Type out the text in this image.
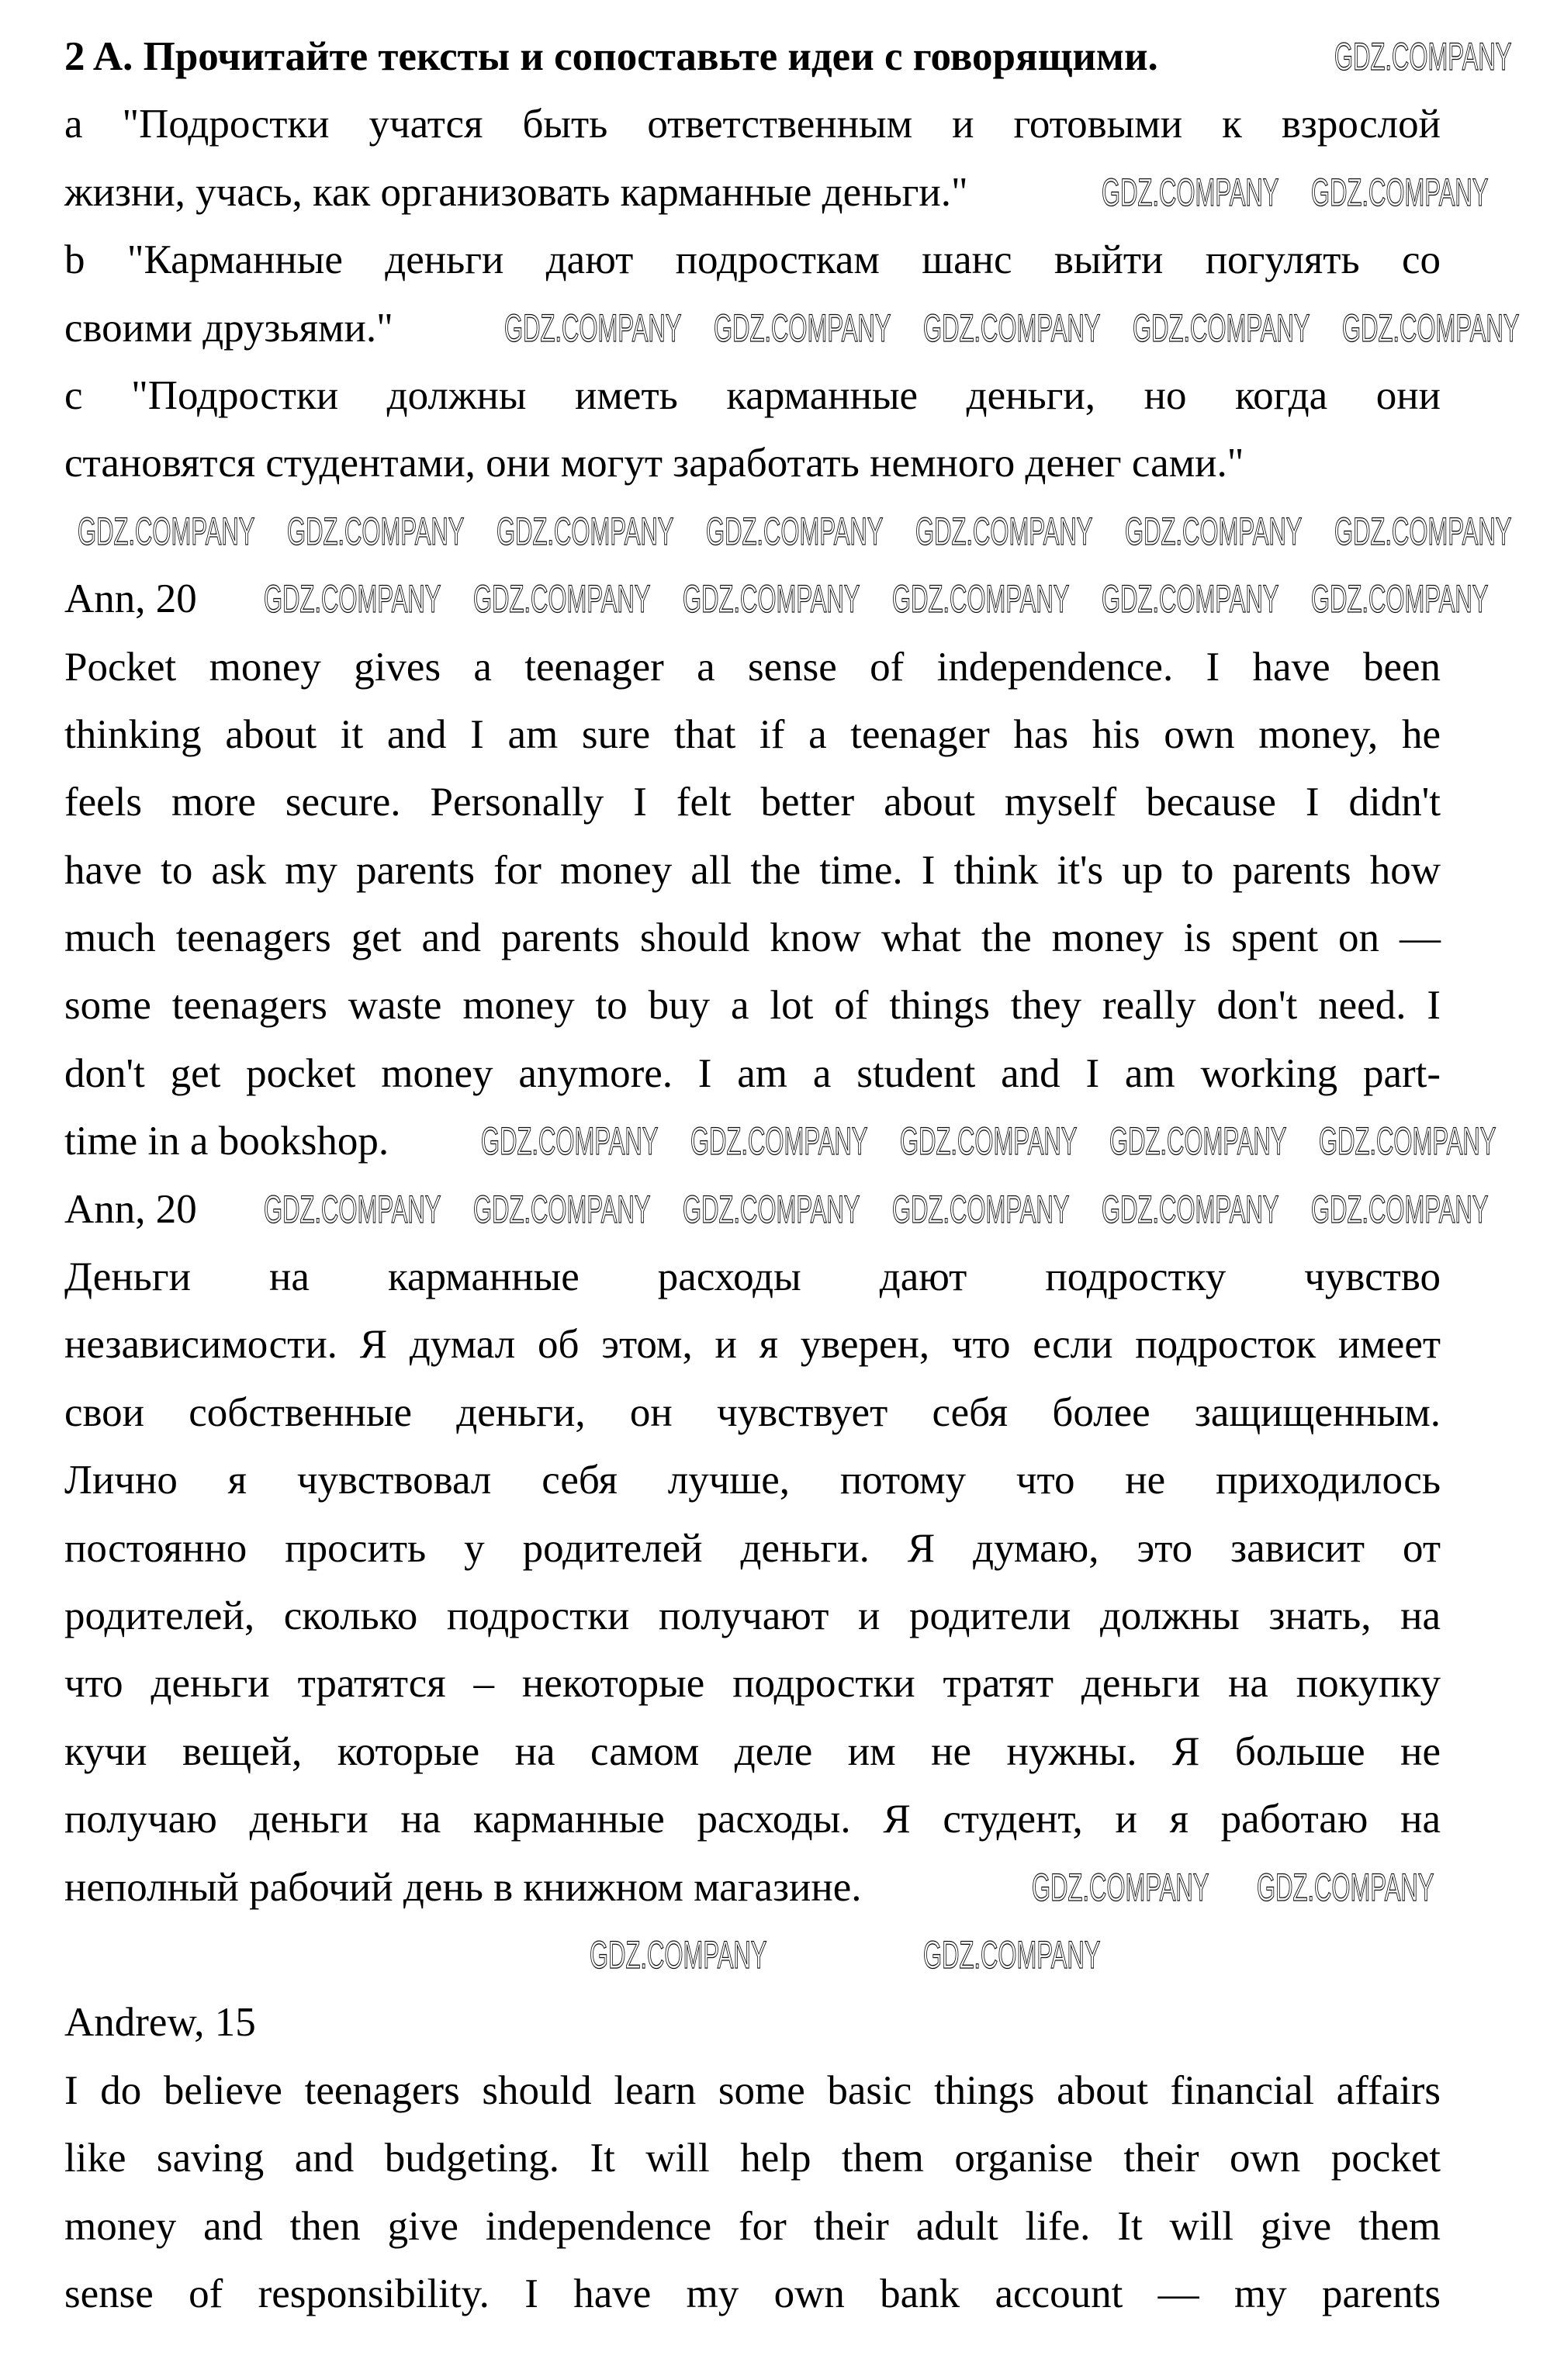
2 A. Прочитайте тексты и сопоставьте идеи с говорящими.
a "Подростки учатся быть ответственным и готовыми к взрослой
жизни, учась, как организовать карманные деньги."
b "Карманные деньги дают подросткам шанс выйти погулять со
своими друзьями."
c "Подростки должны иметь карманные деньги, но когда они
становятся студентами, они могут заработать немного денег сами."
Ann, 20
Pocket money gives a teenager a sense of independence. I have been
thinking about it and I am sure that if a teenager has his own money, he
feels more secure. Personally I felt better about myself because I didn't
have to ask my parents for money all the time. I think it's up to parents how
much teenagers get and parents should know what the money is spent on —
some teenagers waste money to buy a lot of things they really don't need. I
don't get pocket money anymore. I am a student and I am working part-
time in a bookshop.
Ann, 20
Деньги на карманные расходы дают подростку чувство
независимости. Я думал об этом, и я уверен, что если подросток имеет
свои собственные деньги, он чувствует себя более защищенным.
Лично я чувствовал себя лучше, потому что не приходилось
постоянно просить у родителей деньги. Я думаю, это зависит от
родителей, сколько подростки получают и родители должны знать, на
что деньги тратятся – некоторые подростки тратят деньги на покупку
кучи вещей, которые на самом деле им не нужны. Я больше не
получаю деньги на карманные расходы. Я студент, и я работаю на
неполный рабочий день в книжном магазине.
Andrew, 15
I do believe teenagers should learn some basic things about financial affairs
like saving and budgeting. It will help them organise their own pocket
money and then give independence for their adult life. It will give them
sense of responsibility. I have my own bank account — my parents
GDZ.COMPANY
GDZ.COMPANY GDZ.COMPANY
GDZ.COMPANY GDZ.COMPANY GDZ.COMPANY GDZ.COMPANY GDZ.COMPANY
GDZ.COMPANY GDZ.COMPANY GDZ.COMPANY GDZ.COMPANY GDZ.COMPANY GDZ.COMPANY GDZ.COMPANY
GDZ.COMPANY GDZ.COMPANY GDZ.COMPANY GDZ.COMPANY GDZ.COMPANY GDZ.COMPANY
GDZ.COMPANY GDZ.COMPANY GDZ.COMPANY GDZ.COMPANY GDZ.COMPANY
GDZ.COMPANY GDZ.COMPANY GDZ.COMPANY GDZ.COMPANY GDZ.COMPANY GDZ.COMPANY
GDZ.COMPANY GDZ.COMPANY
GDZ.COMPANY	GDZ.COMPANY
